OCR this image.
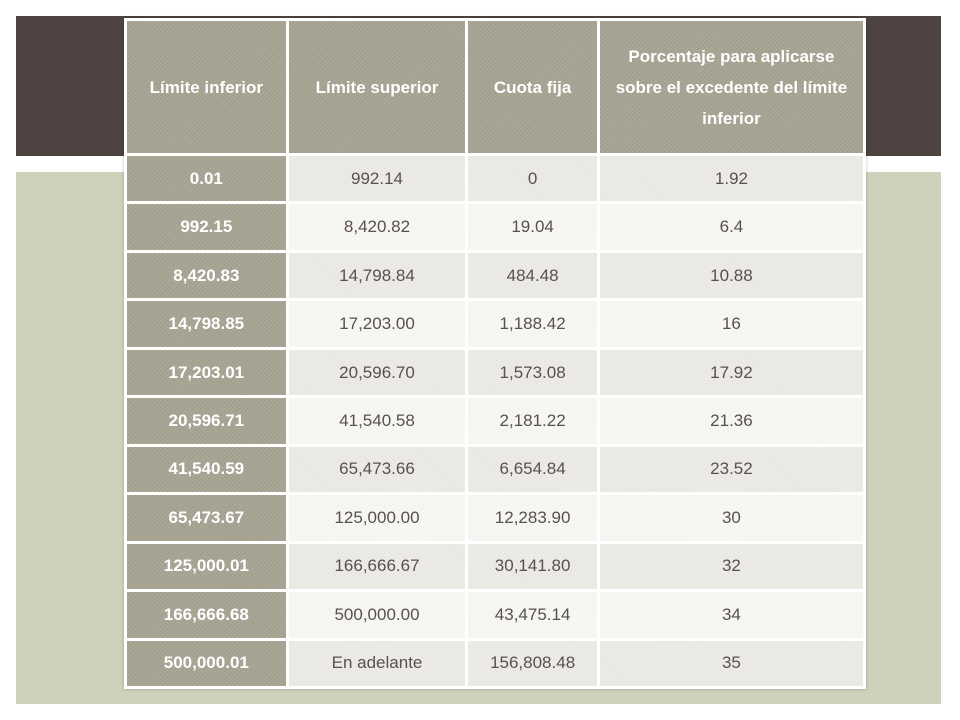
Límite inferior	Límite superior	Cuota fija	Porcentaje para aplicarse sobre el excedente del límite inferior
0.01	992.14	0	1.92
992.15	8,420.82	19.04	6.4
8,420.83	14,798.84	484.48	10.88
14,798.85	17,203.00	1,188.42	16
17,203.01	20,596.70	1,573.08	17.92
20,596.71	41,540.58	2,181.22	21.36
41,540.59	65,473.66	6,654.84	23.52
65,473.67	125,000.00	12,283.90	30
125,000.01	166,666.67	30,141.80	32
166,666.68	500,000.00	43,475.14	34
500,000.01	En adelante	156,808.48	35
